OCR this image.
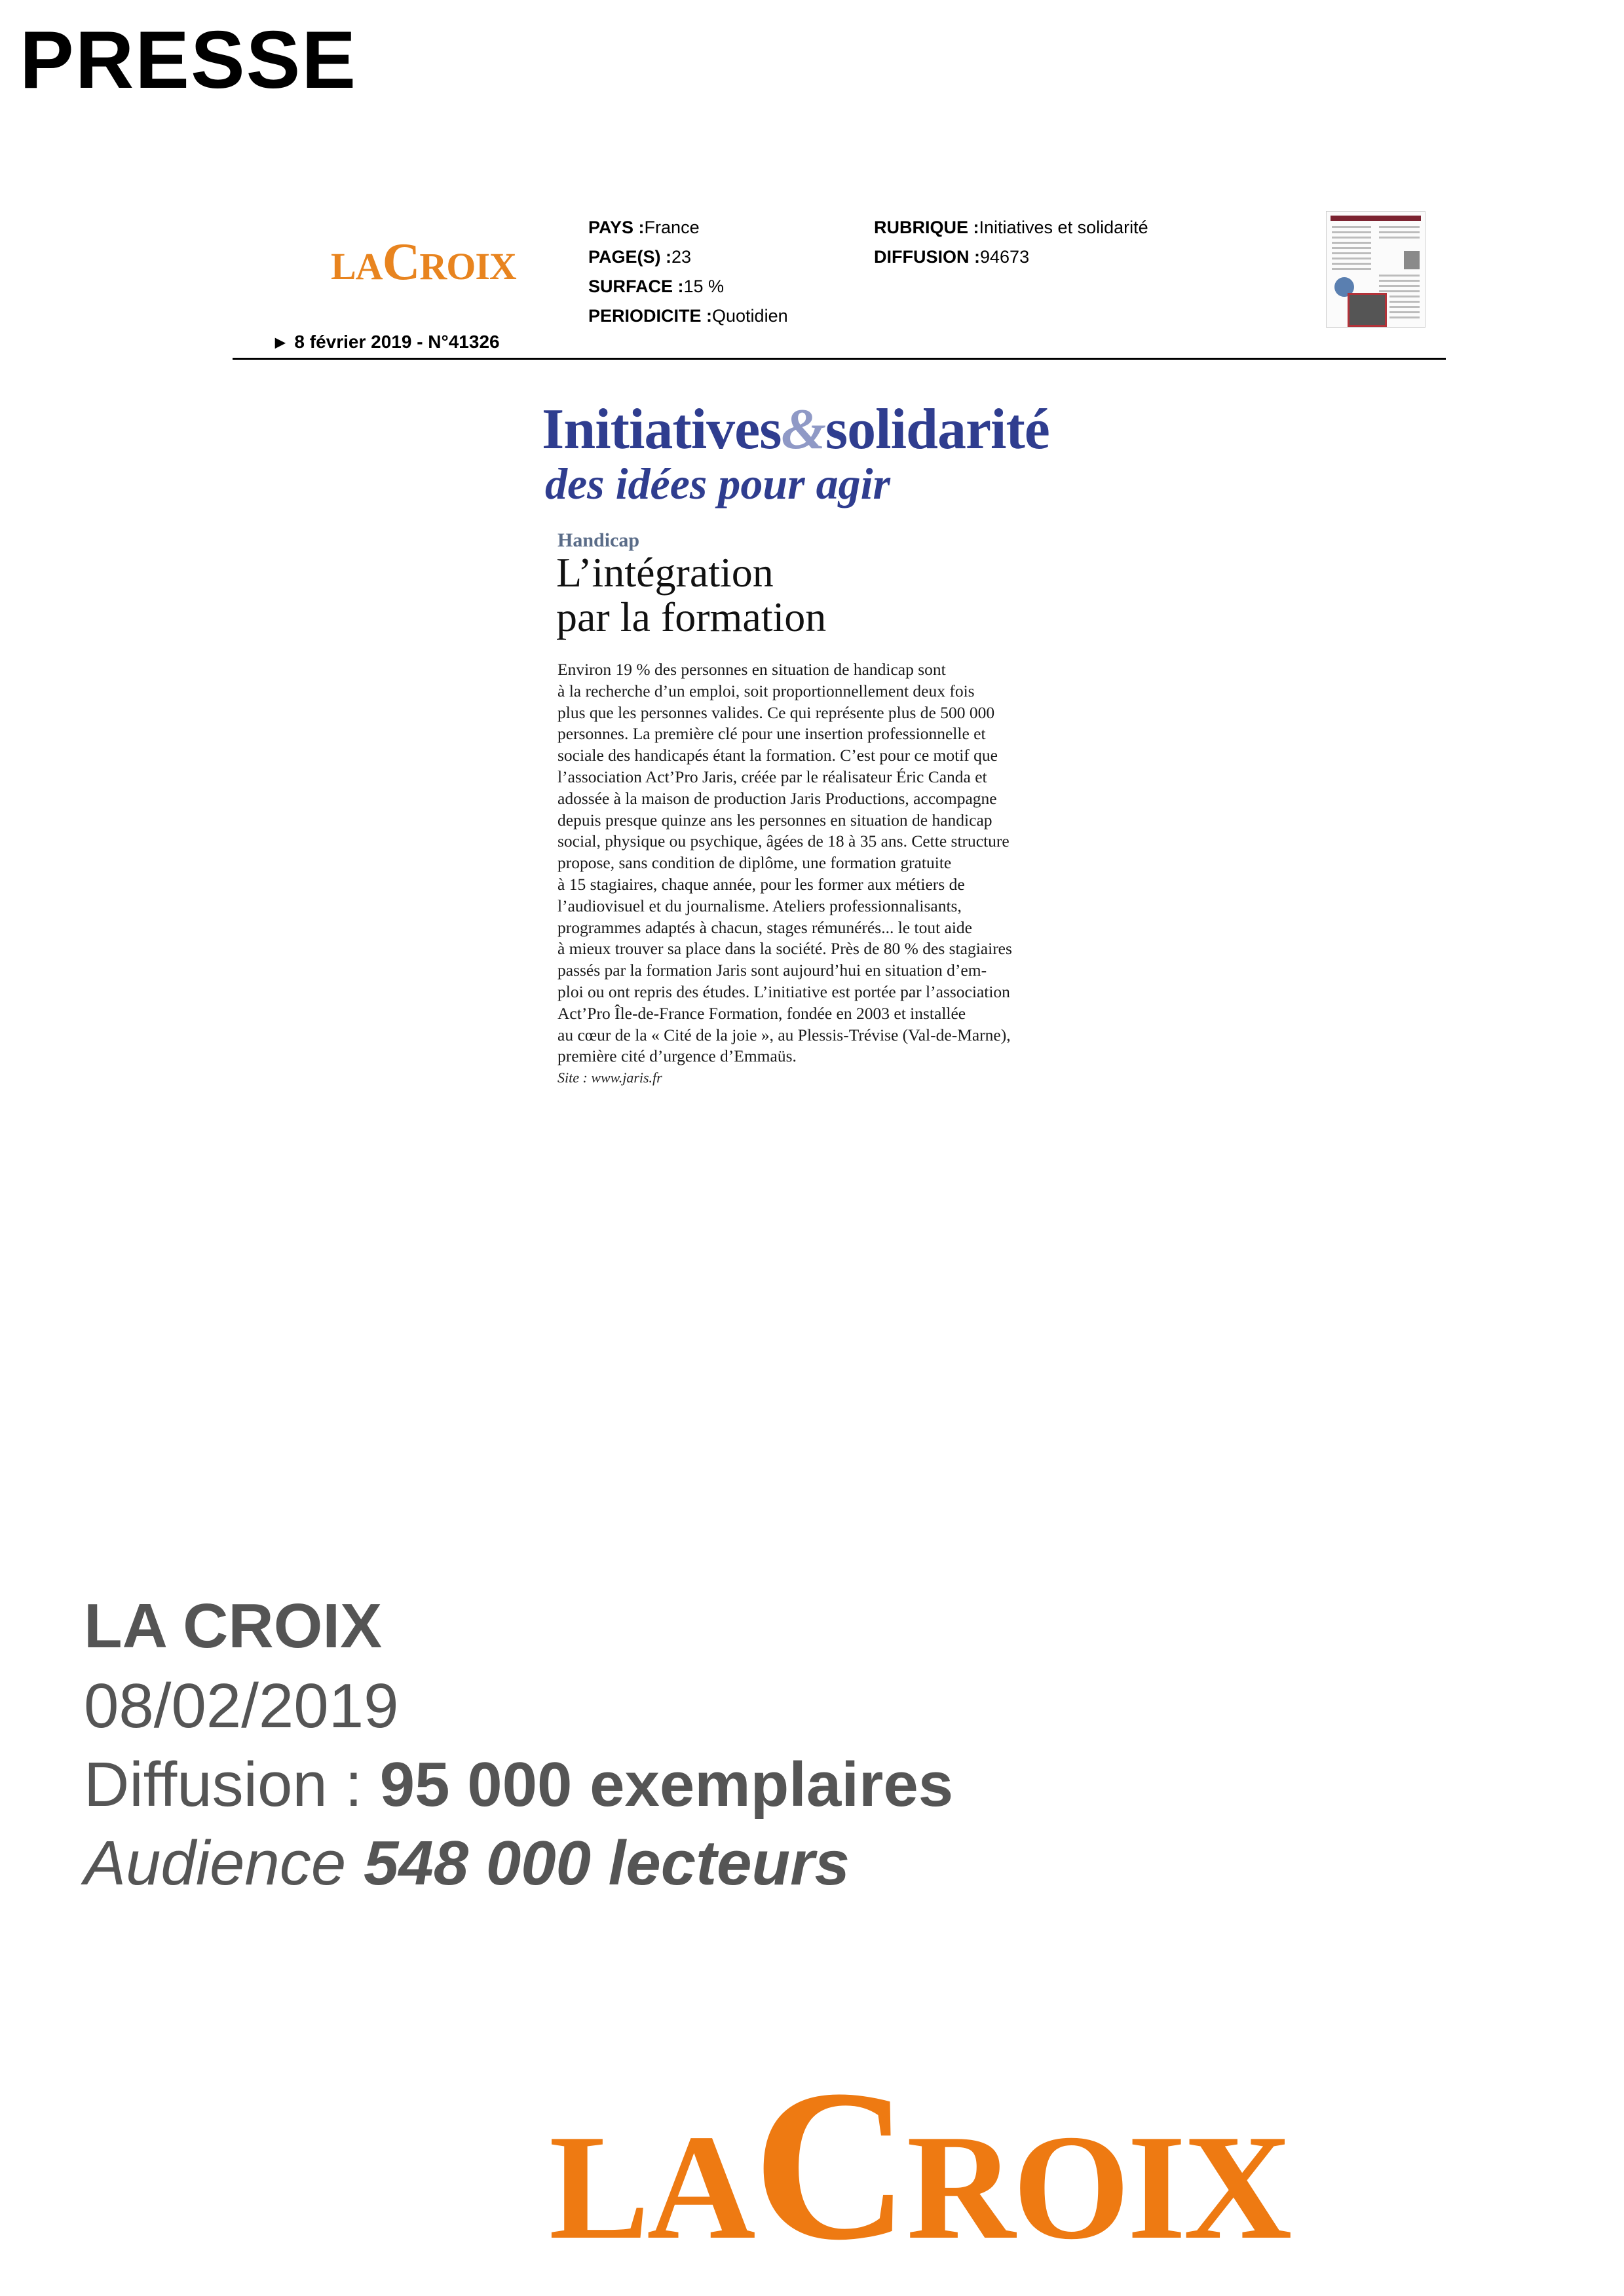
PRESSE
LACROIX
▶ 8 février 2019 - N°41326
PAYS :France
PAGE(S) :23
SURFACE :15 %
PERIODICITE :Quotidien
RUBRIQUE :Initiatives et solidarité
DIFFUSION :94673
Initiatives&solidarité
des idées pour agir
Handicap
L’intégration
par la formation
Environ 19 % des personnes en situation de handicap sont
à la recherche d’un emploi, soit proportionnellement deux fois
plus que les personnes valides. Ce qui représente plus de 500 000
personnes. La première clé pour une insertion professionnelle et
sociale des handicapés étant la formation. C’est pour ce motif que
l’association Act’Pro Jaris, créée par le réalisateur Éric Canda et
adossée à la maison de production Jaris Productions, accompagne
depuis presque quinze ans les personnes en situation de handicap
social, physique ou psychique, âgées de 18 à 35 ans. Cette structure
propose, sans condition de diplôme, une formation gratuite
à 15 stagiaires, chaque année, pour les former aux métiers de
l’audiovisuel et du journalisme. Ateliers professionnalisants,
programmes adaptés à chacun, stages rémunérés... le tout aide
à mieux trouver sa place dans la société. Près de 80 % des stagiaires
passés par la formation Jaris sont aujourd’hui en situation d’em-
ploi ou ont repris des études. L’initiative est portée par l’association
Act’Pro Île-de-France Formation, fondée en 2003 et installée
au cœur de la « Cité de la joie », au Plessis-Trévise (Val-de-Marne),
première cité d’urgence d’Emmaüs.
Site : www.jaris.fr
LA CROIX
08/02/2019
Diffusion : 95 000 exemplaires
Audience 548 000 lecteurs
LACROIX
